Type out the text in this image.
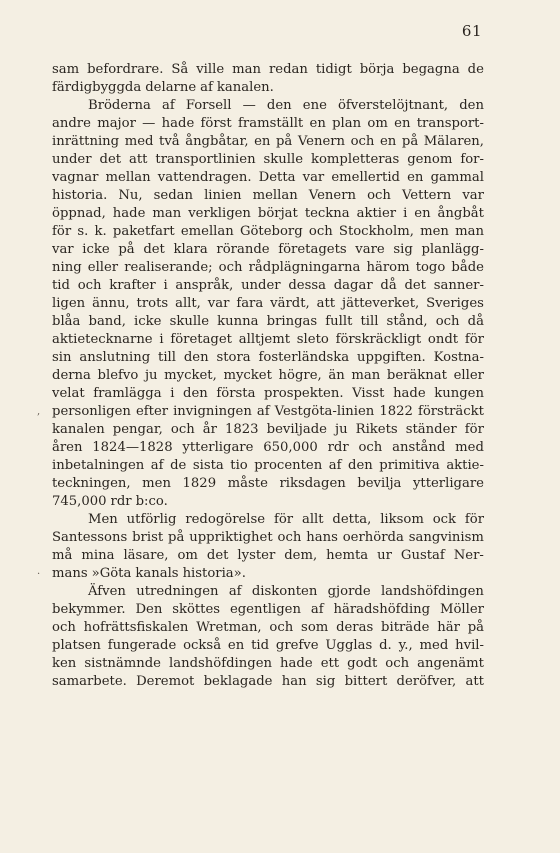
61
,
·
sam befordrare. Så ville man redan tidigt börja begagna de
färdigbyggda delarne af kanalen.
Bröderna af Forsell — den ene öfverstelöjtnant, den
andre major — hade först framställt en plan om en transport-
inrättning med två ångbåtar, en på Venern och en på Mälaren,
under det att transportlinien skulle kompletteras genom for-
vagnar mellan vattendragen. Detta var emellertid en gammal
historia. Nu, sedan linien mellan Venern och Vettern var
öppnad, hade man verkligen börjat teckna aktier i en ångbåt
för s. k. paketfart emellan Göteborg och Stockholm, men man
var icke på det klara rörande företagets vare sig planlägg-
ning eller realiserande; och rådplägningarna härom togo både
tid och krafter i anspråk, under dessa dagar då det sanner-
ligen ännu, trots allt, var fara värdt, att jätteverket, Sveriges
blåa band, icke skulle kunna bringas fullt till stånd, och då
aktietecknarne i företaget alltjemt sleto förskräckligt ondt för
sin anslutning till den stora fosterländska uppgiften. Kostna-
derna blefvo ju mycket, mycket högre, än man beräknat eller
velat framlägga i den första prospekten. Visst hade kungen
personligen efter invigningen af Vestgöta-linien 1822 försträckt
kanalen pengar, och år 1823 beviljade ju Rikets ständer för
åren 1824—1828 ytterligare 650,000 rdr och anstånd med
inbetalningen af de sista tio procenten af den primitiva aktie-
teckningen, men 1829 måste riksdagen bevilja ytterligare
745,000 rdr b:co.
Men utförlig redogörelse för allt detta, liksom ock för
Santessons brist på uppriktighet och hans oerhörda sangvinism
må mina läsare, om det lyster dem, hemta ur Gustaf Ner-
mans »Göta kanals historia».
Äfven utredningen af diskonten gjorde landshöfdingen
bekymmer. Den sköttes egentligen af häradshöfding Möller
och hofrättsfiskalen Wretman, och som deras biträde här på
platsen fungerade också en tid grefve Ugglas d. y., med hvil-
ken sistnämnde landshöfdingen hade ett godt och angenämt
samarbete. Deremot beklagade han sig bittert deröfver, att
